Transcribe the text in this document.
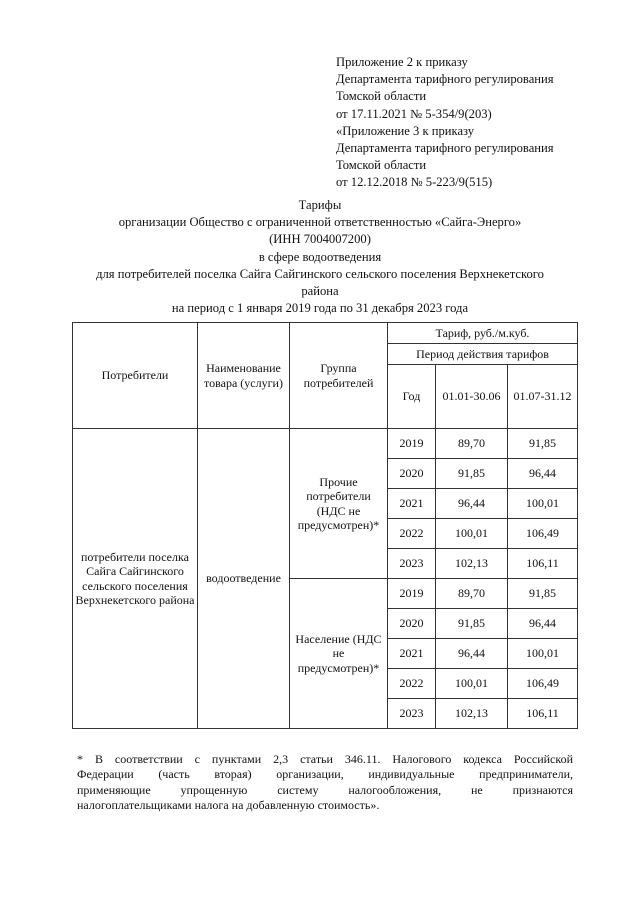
Приложение 2 к приказу
Департамента тарифного регулирования
Томской области
от 17.11.2021 № 5-354/9(203)
«Приложение 3 к приказу
Департамента тарифного регулирования
Томской области
от 12.12.2018 № 5-223/9(515)
Тарифы
организации Общество с ограниченной ответственностью «Сайга-Энерго»
(ИНН 7004007200)
в сфере водоотведения
для потребителей поселка Сайга Сайгинского сельского поселения Верхнекетского
района
на период с 1 января 2019 года по 31 декабря 2023 года
Потребители	Наименование товара (услуги)	Группа потребителей	Тариф, руб./м.куб.		
			Период действия тарифов		
			Год	01.01-30.06	01.07-31.12
потребители поселка Сайга Сайгинского сельского поселения Верхнекетского района	водоотведение	Прочие потребители (НДС не предусмотрен)*	2019	89,70	91,85
			2020	91,85	96,44
			2021	96,44	100,01
			2022	100,01	106,49
			2023	102,13	106,11
		Население (НДС не предусмотрен)*	2019	89,70	91,85
			2020	91,85	96,44
			2021	96,44	100,01
			2022	100,01	106,49
			2023	102,13	106,11
* В соответствии с пунктами 2,3 статьи 346.11. Налогового кодекса Российской
Федерации (часть вторая) организации, индивидуальные предприниматели,
применяющие упрощенную систему налогообложения, не признаются
налогоплательщиками налога на добавленную стоимость».
